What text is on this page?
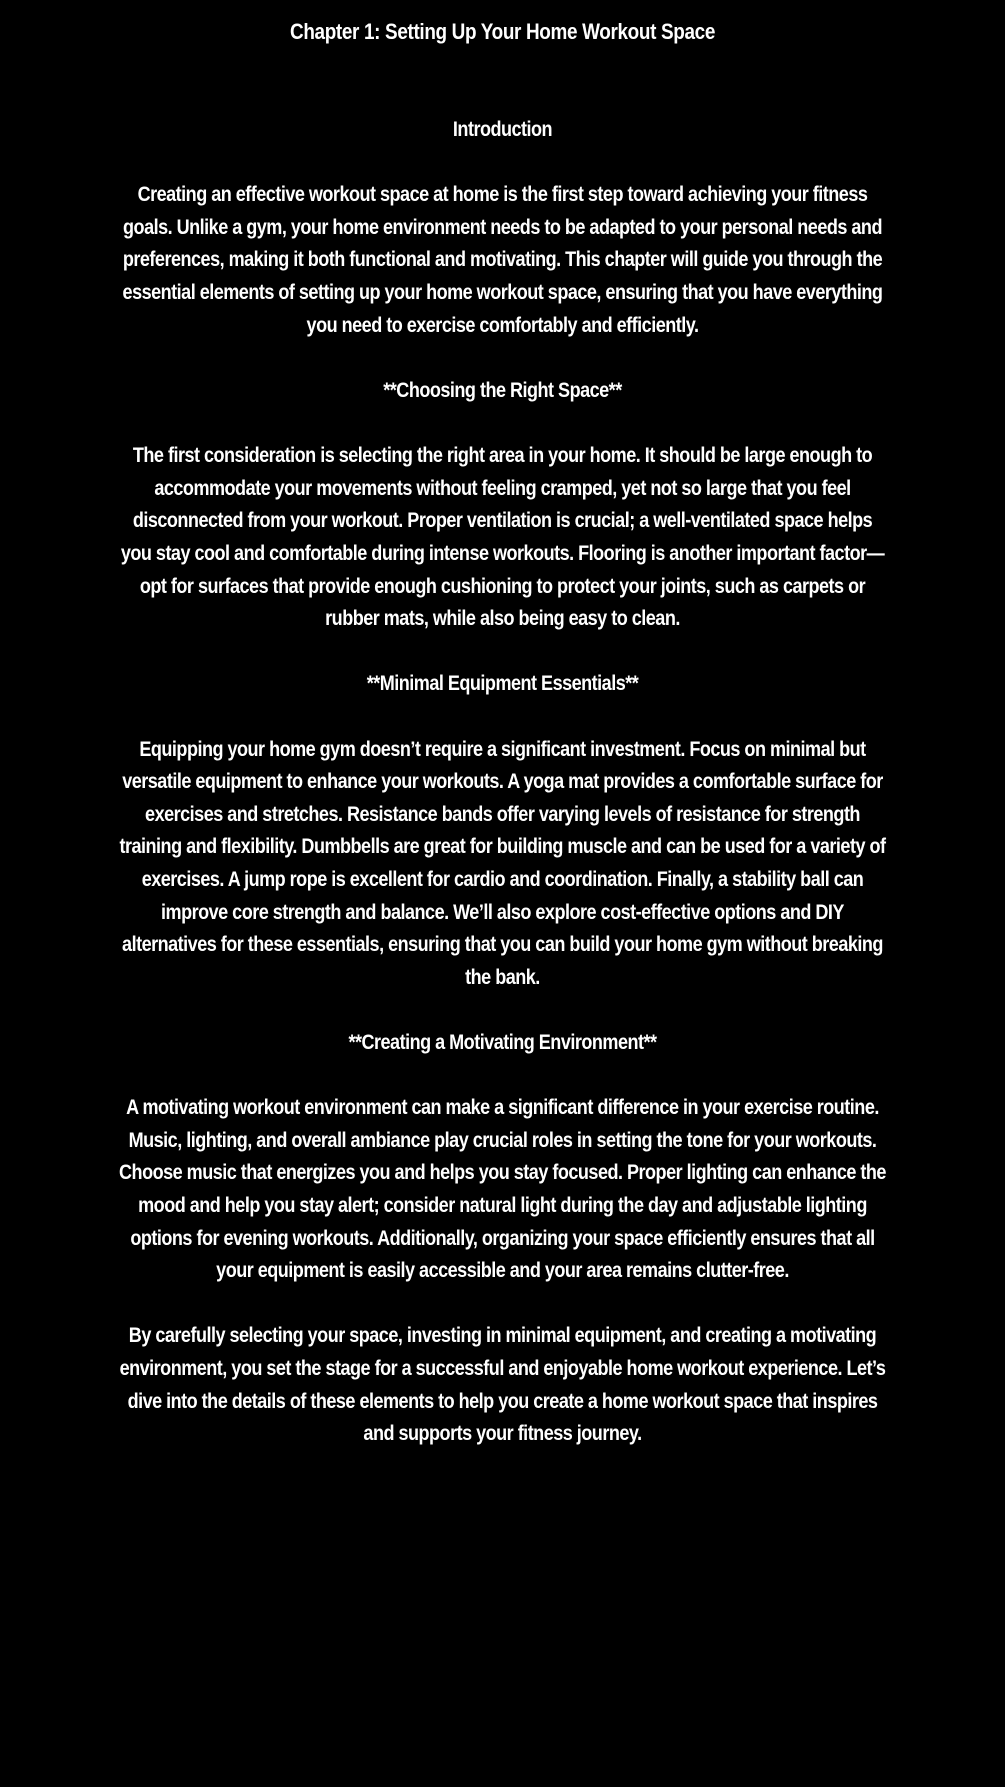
Chapter 1: Setting Up Your Home Workout Space
Introduction
Creating an effective workout space at home is the first step toward achieving your fitness
goals. Unlike a gym, your home environment needs to be adapted to your personal needs and
preferences, making it both functional and motivating. This chapter will guide you through the
essential elements of setting up your home workout space, ensuring that you have everything
you need to exercise comfortably and efficiently.
**Choosing the Right Space**
The first consideration is selecting the right area in your home. It should be large enough to
accommodate your movements without feeling cramped, yet not so large that you feel
disconnected from your workout. Proper ventilation is crucial; a well-ventilated space helps
you stay cool and comfortable during intense workouts. Flooring is another important factor—
opt for surfaces that provide enough cushioning to protect your joints, such as carpets or
rubber mats, while also being easy to clean.
**Minimal Equipment Essentials**
Equipping your home gym doesn’t require a significant investment. Focus on minimal but
versatile equipment to enhance your workouts. A yoga mat provides a comfortable surface for
exercises and stretches. Resistance bands offer varying levels of resistance for strength
training and flexibility. Dumbbells are great for building muscle and can be used for a variety of
exercises. A jump rope is excellent for cardio and coordination. Finally, a stability ball can
improve core strength and balance. We’ll also explore cost-effective options and DIY
alternatives for these essentials, ensuring that you can build your home gym without breaking
the bank.
**Creating a Motivating Environment**
A motivating workout environment can make a significant difference in your exercise routine.
Music, lighting, and overall ambiance play crucial roles in setting the tone for your workouts.
Choose music that energizes you and helps you stay focused. Proper lighting can enhance the
mood and help you stay alert; consider natural light during the day and adjustable lighting
options for evening workouts. Additionally, organizing your space efficiently ensures that all
your equipment is easily accessible and your area remains clutter-free.
By carefully selecting your space, investing in minimal equipment, and creating a motivating
environment, you set the stage for a successful and enjoyable home workout experience. Let’s
dive into the details of these elements to help you create a home workout space that inspires
and supports your fitness journey.
